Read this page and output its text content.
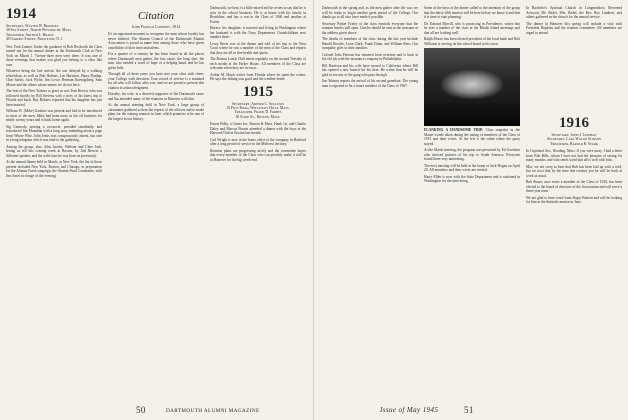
1914
Secretary, Walter W. Bromley
38 Sea Street, North Weymouth, Mass.
Treasurer, Arthur L. Brady
40 Garden Street, Princeton, N. J.

New York Zonner. Under the guidance of Bob Beckwith the Class turned out for the annual dinner at the Dartmouth Club in New York on March 1. Twenty-three men were there. It was one of those evenings that makes you glad you belong to a class like ours.

Whatever being the late arrival, the war delayed by a walking wheelchair, as well as Bob Holmes, Lee Harrison, Harry Dunlap, Clint Sarkis, Jack Wylie, Jim Lowe, Herman Koenigsberg, Sam Moore and the others whose names we do not have.

The first of the New Yorkers to greet us was Tom Brown, who was followed shortly by Bill Stevens with a story of his latest trip to Florida and back. Ray Roberts reported that his daughter has just been married.

William W. (Mike) Gaskins was present and had to be introduced to most of the men. Mike had been away in the oil business for nearly twenty years and is back home again.

Sig Carmody, nearing a crossover, presided steadfastly, and introduced Jim Monahan with a long story intending about a page from Where Who. John Jenks was conspicuously absent, but sent in a long telegram which was read to the gathering.

Among the group, also, John Jacobs, Webster and Clare Jack, letting us tell this coming week at Boston, by Joel Brewer a different speaker, and the wild class he was born on previously.

At the annual dinner held in March, at New York, the list of those present included New York, Boston, and Chicago, in preparation for the Alumni Fund campaign, the Alumni Fund Committee, with Jim Jones in charge of the evening.

Citation
John Francis Connery, 1914

It's an opportune moment to recognize the man whose loyalty has never faltered. The Alumni Council of the Dartmouth Alumni Association is proud to name him among those who have given unselfishly of their time and talents.

For a quarter of a century he has been found in all the places where Dartmouth men gather, the lost cause, the long shot, the men who needed a word of hope or a helping hand, and he has given both.

Through all of these years you have met your class with cheer, your College with devotion. Your record of service is a standard for all who will follow after you, and we are proud to present this citation in acknowledgment.

Dorothy, his wife, is a devoted supporter of the Dartmouth cause and has attended many of the reunions in Hanover with him.

At the annual meeting held in New York, a large group of classmates gathered to hear the reports of the officers and to make plans for the coming reunion in June, which promises to be one of the largest in our history.

Dartmouth, we hear, is a little mixed and he writes to say that he is now in the school business. He is at home with his family in Brookline, and has a son in the Class of 1946 and another at Exeter.

Horace, his daughter, is married and living in Washington where her husband is with the Navy Department. Grandchildren now number three.

Leroy Beers was at the dinner and told of his trip to the West Coast where he saw a number of the men of the Class and reports that they are all in fine health and spirits.

The Boston Lunch Club meets regularly on the second Tuesday of each month at the Parker House. All members of the Class are welcome when they are in town.

Arthur M. Hatch writes from Florida where he spent the winter. He says the fishing was good and the weather better.

1915
Secretary, Arthur C. Sullivan
10 Post Road, Wellesley Hills, Mass.
Treasurer, Frank D. Forbes
30 State St., Boston, Mass.

Ernest Bilby, a Cirner Inc, Boston & Mass. Hank 1st, and Charlie Daley and Marcus Brown attended a dinner with the boys at the Harvard Club in Boston last month.

Carl Wright is now in the home office of the company in Hartford after a long period of service in the Midwest territory.

Reunion plans are progressing nicely and the committee hopes that every member of the Class who can possibly make it will be in Hanover for the big week-end.

50	DARTMOUTH ALUMNI MAGAZINE

Dartmouth in the spring and, as the men gather after the war, we will be ready to begin another great period of the College. Our thanks go to all who have made it possible.

Secretary Parker Fraley of the class reminds everyone that the reunion fund is still open. Checks should be sent to the treasurer at the address given above.

The deaths of members of the class during the last year include Harold Bowles, Leon Clark, Frank Dunn, and William Ross. Our sympathy goes to their families.

Colonel John Parsons has returned from overseas and is back at his old job with the insurance company in Philadelphia.

Bill Harrison and his wife have moved to California where Bill has opened a new branch for his firm. He writes that he will be glad to see any of the gang who pass through.

Jim Watson reports the arrival of his second grandson. The young man is reported to be a future member of the Class of 1967.

Some of the boys at the dinner called to the attention of the group that the thirty-fifth reunion will be here before we know it and that it is time to start planning.

Dr. Edward Morrill, who is practicing in Providence, writes that he sees a number of the class at the Rhode Island meetings and that all are looking well.

Ralph Moore has been elected president of the local bank and Bob Williams is serving on the school board in his town.

FLANKING A HANDSOME TRIP: Class snapshot in the Maine woods taken during the outing of members of the Class of 1915 and their wives. At the left is the cabin where the party stayed.

At the March meeting, the program was presented by Ed Goodwin who showed pictures of his trip to South America. Everyone found them very interesting.

The next meeting will be held at the home of Jack Hogan on April 20. All members and their wives are invited.

Harry Elder is now with the State Department and is stationed in Washington for the time being.

In Bachelor's Spiritual Church in Longmeadow, Reverend Attwood, Mr. Radel, Mrs. Radel, the Rev. Roy Lambert, and others gathered in the church for the annual service.

The dinner in Hanover this spring will include a visit with President Hopkins and the reunion committee. All members are urged to attend.

1916
Secretary, John J. Lenihan
Secretary, Carl Waldo Stinson
Treasurer, Harold R. Starr

In Copeland Ave., Reading, Mass. If you were away, I had a letter from Bob Bills, whom I have not had the pleasure of seeing for many months, and who sends word that all is well with him.

Mac, we are sorry to hear that Bob has been laid up with a cold, but we trust that by the time this reaches you he will be back at work as usual.

Bob Stuart, once more a member of the Class of 1916, has been elected to the board of directors of the Association and will serve a three-year term.

We are glad to have word from Roger Benton and will be looking for him at the thirtieth reunion in June.

Issue of May 1945	51
